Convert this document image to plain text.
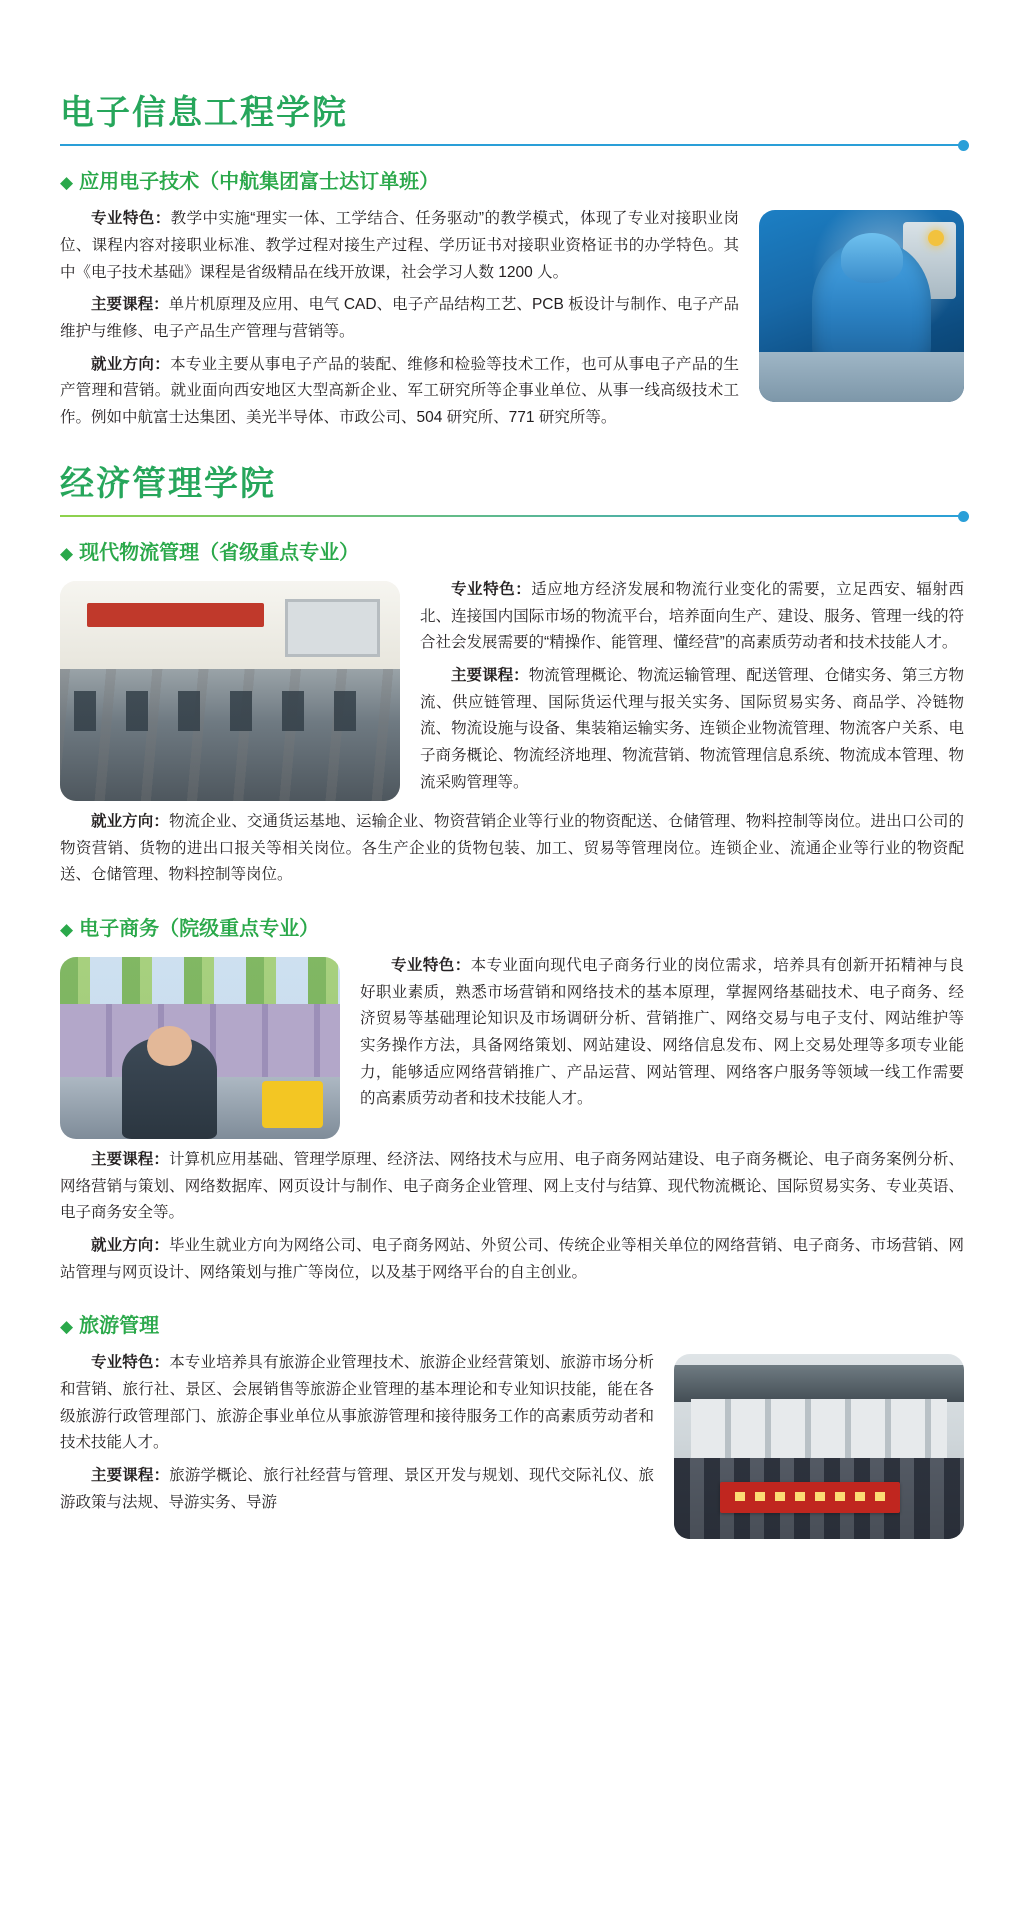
电子信息工程学院
◆ 应用电子技术（中航集团富士达订单班）

专业特色：教学中实施“理实一体、工学结合、任务驱动”的教学模式，体现了专业对接职业岗位、课程内容对接职业标准、教学过程对接生产过程、学历证书对接职业资格证书的办学特色。其中《电子技术基础》课程是省级精品在线开放课，社会学习人数 1200 人。

主要课程：单片机原理及应用、电气 CAD、电子产品结构工艺、PCB 板设计与制作、电子产品维护与维修、电子产品生产管理与营销等。

就业方向：本专业主要从事电子产品的装配、维修和检验等技术工作，也可从事电子产品的生产管理和营销。就业面向西安地区大型高新企业、军工研究所等企事业单位、从事一线高级技术工作。例如中航富士达集团、美光半导体、市政公司、504 研究所、771 研究所等。

经济管理学院
◆ 现代物流管理（省级重点专业）

专业特色：适应地方经济发展和物流行业变化的需要，立足西安、辐射西北、连接国内国际市场的物流平台，培养面向生产、建设、服务、管理一线的符合社会发展需要的“精操作、能管理、懂经营”的高素质劳动者和技术技能人才。

主要课程：物流管理概论、物流运输管理、配送管理、仓储实务、第三方物流、供应链管理、国际货运代理与报关实务、国际贸易实务、商品学、冷链物流、物流设施与设备、集装箱运输实务、连锁企业物流管理、物流客户关系、电子商务概论、物流经济地理、物流营销、物流管理信息系统、物流成本管理、物流采购管理等。

就业方向：物流企业、交通货运基地、运输企业、物资营销企业等行业的物资配送、仓储管理、物料控制等岗位。进出口公司的物资营销、货物的进出口报关等相关岗位。各生产企业的货物包装、加工、贸易等管理岗位。连锁企业、流通企业等行业的物资配送、仓储管理、物料控制等岗位。

◆ 电子商务（院级重点专业）

专业特色：本专业面向现代电子商务行业的岗位需求，培养具有创新开拓精神与良好职业素质，熟悉市场营销和网络技术的基本原理，掌握网络基础技术、电子商务、经济贸易等基础理论知识及市场调研分析、营销推广、网络交易与电子支付、网站维护等实务操作方法，具备网络策划、网站建设、网络信息发布、网上交易处理等多项专业能力，能够适应网络营销推广、产品运营、网站管理、网络客户服务等领域一线工作需要的高素质劳动者和技术技能人才。

主要课程：计算机应用基础、管理学原理、经济法、网络技术与应用、电子商务网站建设、电子商务概论、电子商务案例分析、网络营销与策划、网络数据库、网页设计与制作、电子商务企业管理、网上支付与结算、现代物流概论、国际贸易实务、专业英语、电子商务安全等。

就业方向：毕业生就业方向为网络公司、电子商务网站、外贸公司、传统企业等相关单位的网络营销、电子商务、市场营销、网站管理与网页设计、网络策划与推广等岗位，以及基于网络平台的自主创业。

◆ 旅游管理

专业特色：本专业培养具有旅游企业管理技术、旅游企业经营策划、旅游市场分析和营销、旅行社、景区、会展销售等旅游企业管理的基本理论和专业知识技能，能在各级旅游行政管理部门、旅游企事业单位从事旅游管理和接待服务工作的高素质劳动者和技术技能人才。

主要课程：旅游学概论、旅行社经营与管理、景区开发与规划、现代交际礼仪、旅游政策与法规、导游实务、导游
